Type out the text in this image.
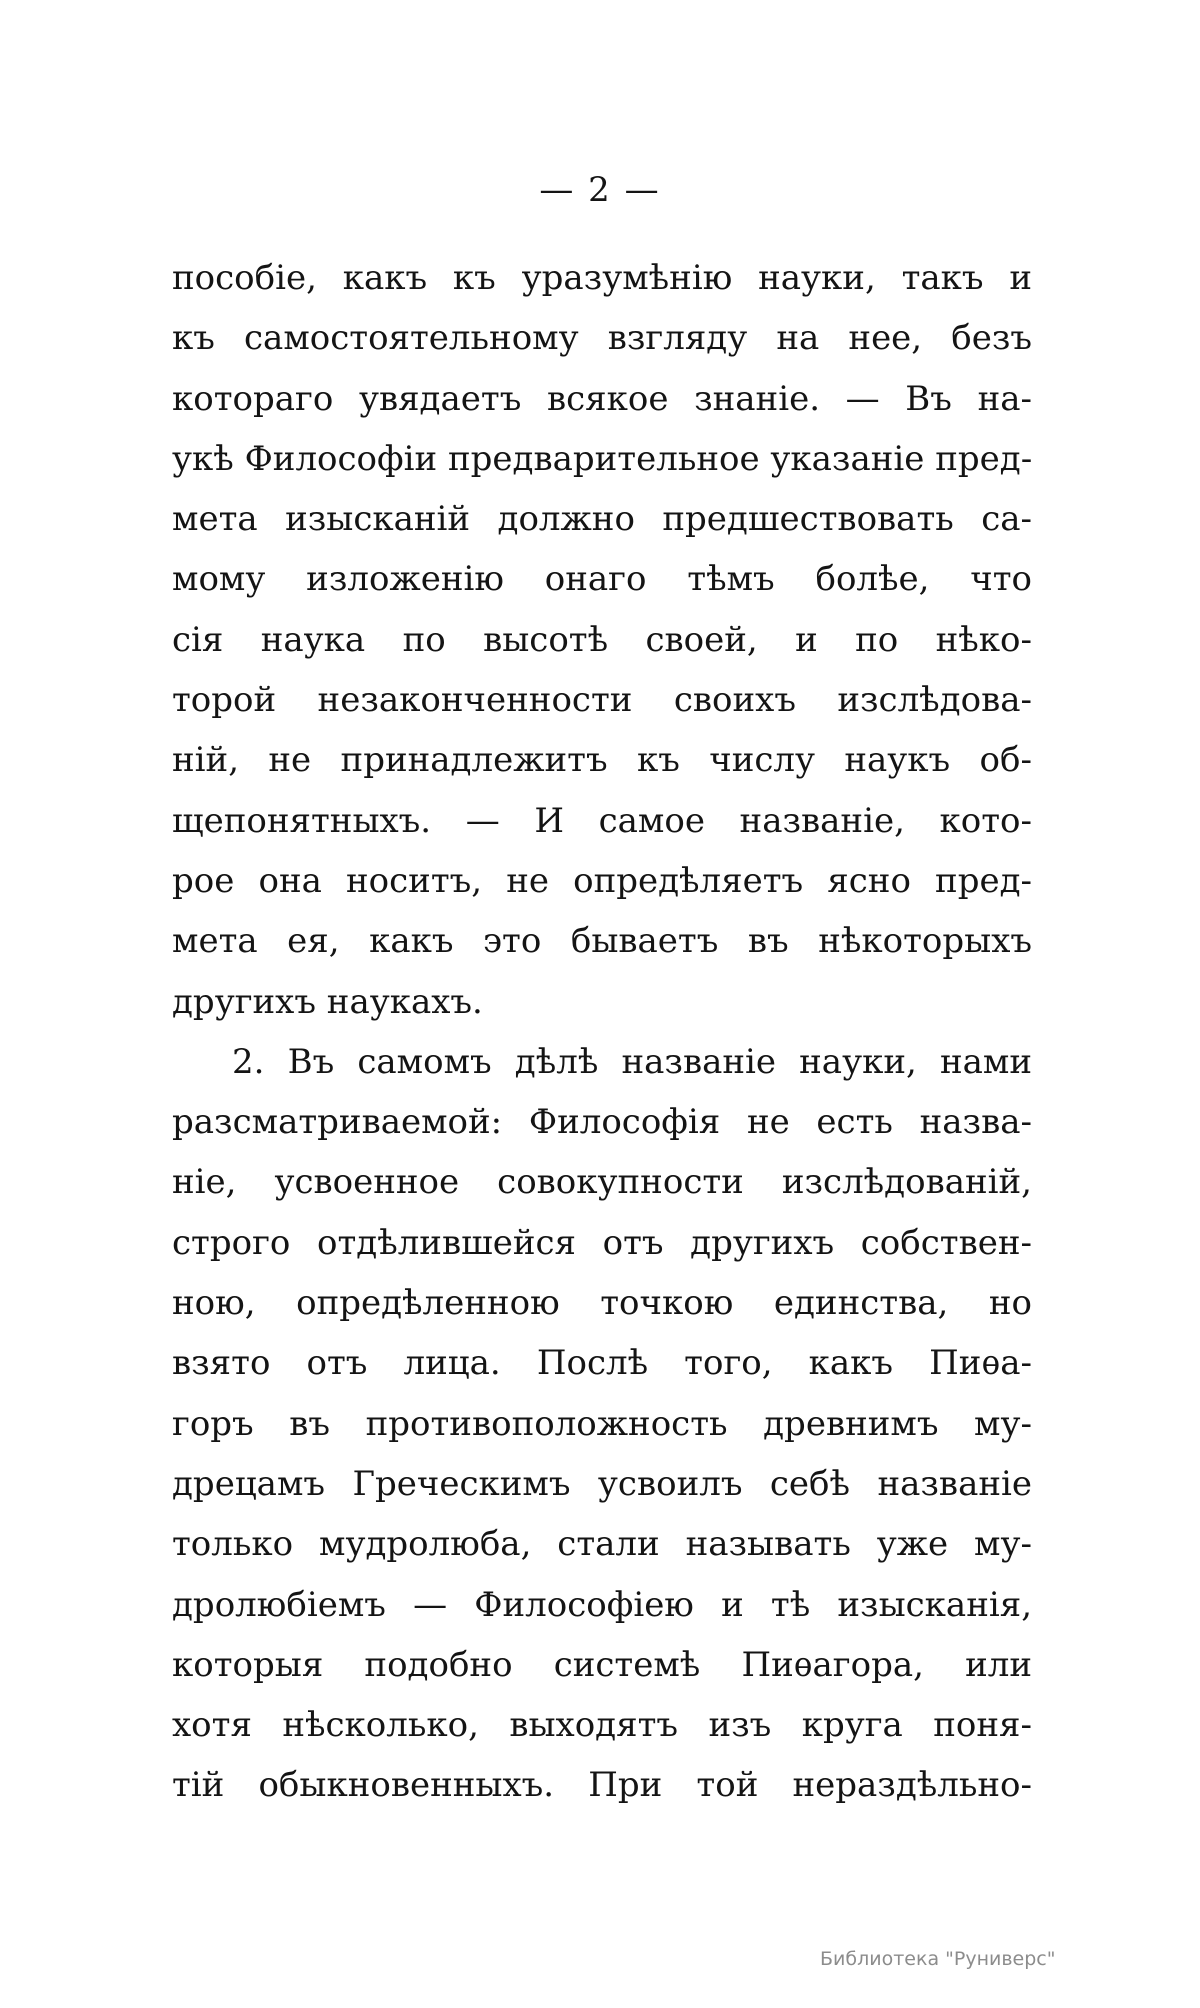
— 2 —
пособіе, какъ къ уразумѣнію науки, такъ и
къ самостоятельному взгляду на нее, безъ
котораго увядаетъ всякое знаніе. — Въ на-
укѣ Философіи предварительное указаніе пред-
мета изысканій должно предшествовать са-
мому изложенію онаго тѣмъ болѣе, что
сія наука по высотѣ своей, и по нѣко-
торой незаконченности своихъ изслѣдова-
ній, не принадлежитъ къ числу наукъ об-
щепонятныхъ. — И самое названіе, кото-
рое она носитъ, не опредѣляетъ ясно пред-
мета ея, какъ это бываетъ въ нѣкоторыхъ
другихъ наукахъ.
2. Въ самомъ дѣлѣ названіе науки, нами
разсматриваемой: Философія не есть назва-
ніе, усвоенное совокупности изслѣдованій,
строго отдѣлившейся отъ другихъ собствен-
ною, опредѣленною точкою единства, но
взято отъ лица. Послѣ того, какъ Пиѳа-
горъ въ противоположность древнимъ му-
дрецамъ Греческимъ усвоилъ себѣ названіе
только мудролюба, стали называть уже му-
дролюбіемъ — Философіею и тѣ изысканія,
которыя подобно системѣ Пиѳагора, или
хотя нѣсколько, выходятъ изъ круга поня-
тій обыкновенныхъ. При той нераздѣльно-
Библиотека "Руниверс"
